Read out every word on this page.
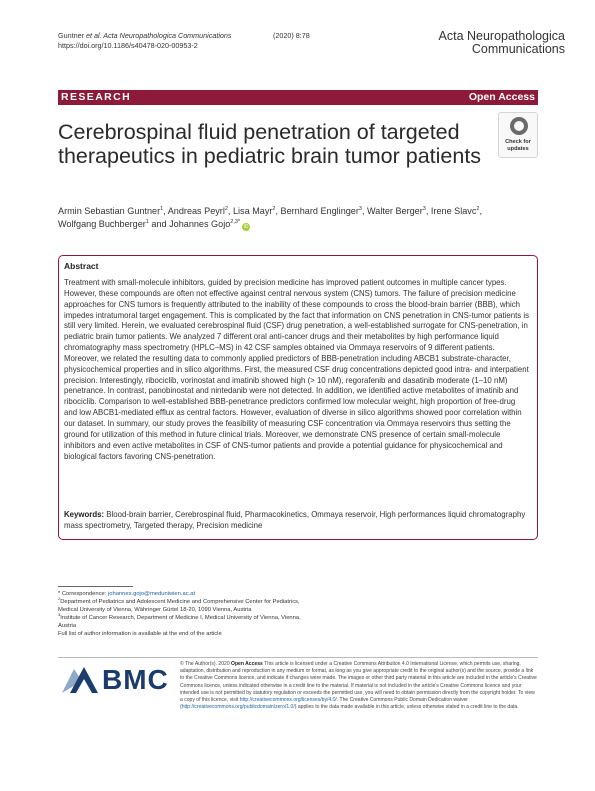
Guntner et al. Acta Neuropathologica Communications	(2020) 8:78
https://doi.org/10.1186/s40478-020-00953-2
Acta Neuropathologica
Communications
RESEARCH	Open Access
Cerebrospinal fluid penetration of targeted therapeutics in pediatric brain tumor patients
Check for
updates
Armin Sebastian Guntner$^1$, Andreas Peyrl$^2$, Lisa Mayr$^2$, Bernhard Englinger$^3$, Walter Berger$^3$, Irene Slavc$^2$,
Wolfgang Buchberger$^1$ and Johannes Gojo$^{2,3*}$iD
Abstract
Treatment with small-molecule inhibitors, guided by precision medicine has improved patient outcomes in multiple cancer types. However, these compounds are often not effective against central nervous system (CNS) tumors. The failure of precision medicine approaches for CNS tumors is frequently attributed to the inability of these compounds to cross the blood-brain barrier (BBB), which impedes intratumoral target engagement. This is complicated by the fact that information on CNS penetration in CNS-tumor patients is still very limited. Herein, we evaluated cerebrospinal fluid (CSF) drug penetration, a well-established surrogate for CNS-penetration, in pediatric brain tumor patients. We analyzed 7 different oral anti-cancer drugs and their metabolites by high performance liquid chromatography mass spectrometry (HPLC–MS) in 42 CSF samples obtained via Ommaya reservoirs of 9 different patients. Moreover, we related the resulting data to commonly applied predictors of BBB-penetration including ABCB1 substrate-character, physicochemical properties and in silico algorithms. First, the measured CSF drug concentrations depicted good intra- and interpatient precision. Interestingly, ribociclib, vorinostat and imatinib showed high (> 10 nM), regorafenib and dasatinib moderate (1–10 nM) penetrance. In contrast, panobinostat and nintedanib were not detected. In addition, we identified active metabolites of imatinib and ribociclib. Comparison to well-established BBB-penetrance predictors confirmed low molecular weight, high proportion of free-drug and low ABCB1-mediated efflux as central factors. However, evaluation of diverse in silico algorithms showed poor correlation within our dataset. In summary, our study proves the feasibility of measuring CSF concentration via Ommaya reservoirs thus setting the ground for utilization of this method in future clinical trials. Moreover, we demonstrate CNS presence of certain small-molecule inhibitors and even active metabolites in CSF of CNS-tumor patients and provide a potential guidance for physicochemical and biological factors favoring CNS-penetration.
Keywords: Blood-brain barrier, Cerebrospinal fluid, Pharmacokinetics, Ommaya reservoir, High performances liquid chromatography mass spectrometry, Targeted therapy, Precision medicine
* Correspondence: johannes.gojo@meduniwien.ac.at
$^2$Department of Pediatrics and Adolescent Medicine and Comprehensive Center for Pediatrics, Medical University of Vienna, Währinger Gürtel 18-20, 1090 Vienna, Austria
$^3$Institute of Cancer Research, Department of Medicine I, Medical University of Vienna, Vienna, Austria
Full list of author information is available at the end of the article
BMC © The Author(s). 2020 Open Access This article is licensed under a Creative Commons Attribution 4.0 International License, which permits use, sharing, adaptation, distribution and reproduction in any medium or format, as long as you give appropriate credit to the original author(s) and the source, provide a link to the Creative Commons licence, and indicate if changes were made. The images or other third party material in this article are included in the article's Creative Commons licence, unless indicated otherwise in a credit line to the material. If material is not included in the article's Creative Commons licence and your intended use is not permitted by statutory regulation or exceeds the permitted use, you will need to obtain permission directly from the copyright holder. To view a copy of this licence, visit http://creativecommons.org/licenses/by/4.0/. The Creative Commons Public Domain Dedication waiver (http://creativecommons.org/publicdomain/zero/1.0/) applies to the data made available in this article, unless otherwise stated in a credit line to the data.
